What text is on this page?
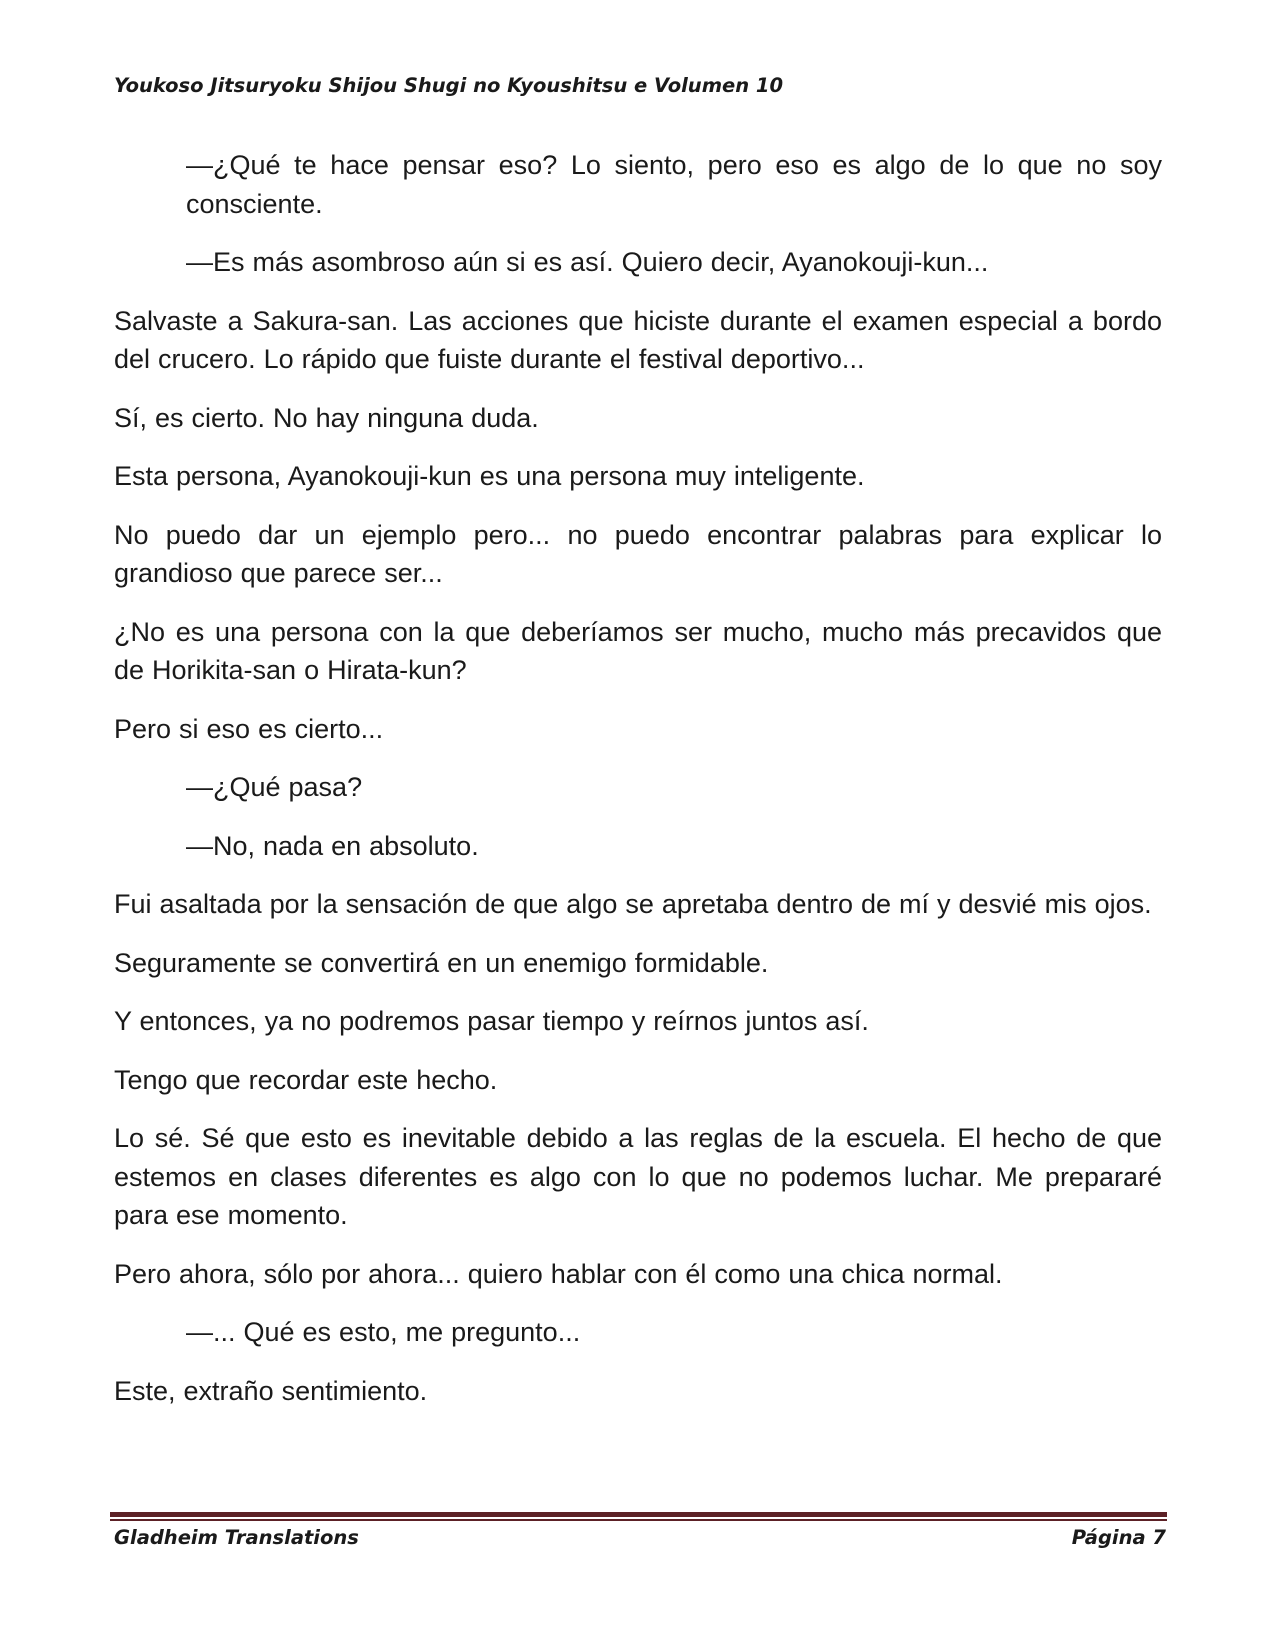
Youkoso Jitsuryoku Shijou Shugi no Kyoushitsu e Volumen 10

—¿Qué te hace pensar eso? Lo siento, pero eso es algo de lo que no soy consciente.

—Es más asombroso aún si es así. Quiero decir, Ayanokouji-kun...

Salvaste a Sakura-san. Las acciones que hiciste durante el examen especial a bordo del crucero. Lo rápido que fuiste durante el festival deportivo...

Sí, es cierto. No hay ninguna duda.

Esta persona, Ayanokouji-kun es una persona muy inteligente.

No puedo dar un ejemplo pero... no puedo encontrar palabras para explicar lo grandioso que parece ser...

¿No es una persona con la que deberíamos ser mucho, mucho más precavidos que de Horikita-san o Hirata-kun?

Pero si eso es cierto...

—¿Qué pasa?

—No, nada en absoluto.

Fui asaltada por la sensación de que algo se apretaba dentro de mí y desvié mis ojos.

Seguramente se convertirá en un enemigo formidable.

Y entonces, ya no podremos pasar tiempo y reírnos juntos así.

Tengo que recordar este hecho.

Lo sé. Sé que esto es inevitable debido a las reglas de la escuela. El hecho de que estemos en clases diferentes es algo con lo que no podemos luchar. Me prepararé para ese momento.

Pero ahora, sólo por ahora... quiero hablar con él como una chica normal.

—... Qué es esto, me pregunto...

Este, extraño sentimiento.

Gladheim Translations	Página 7
